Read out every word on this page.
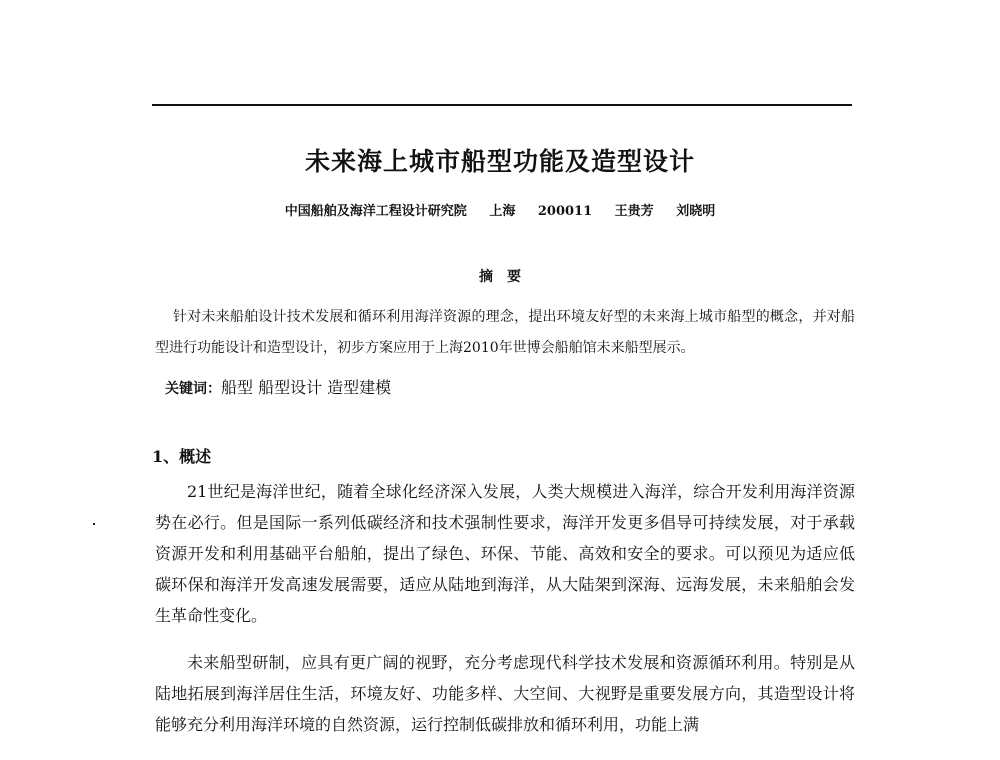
未来海上城市船型功能及造型设计
中国船舶及海洋工程设计研究院 上海 200011 王贵芳 刘晓明
摘要
针对未来船舶设计技术发展和循环利用海洋资源的理念，提出环境友好型的未来海上城市船型的概念，并对船型进行功能设计和造型设计，初步方案应用于上海2010年世博会船舶馆未来船型展示。
关键词：船型 船型设计 造型建模
1、概述
21世纪是海洋世纪，随着全球化经济深入发展，人类大规模进入海洋，综合开发利用海洋资源势在必行。但是国际一系列低碳经济和技术强制性要求，海洋开发更多倡导可持续发展，对于承载资源开发和利用基础平台船舶，提出了绿色、环保、节能、高效和安全的要求。可以预见为适应低碳环保和海洋开发高速发展需要，适应从陆地到海洋，从大陆架到深海、远海发展，未来船舶会发生革命性变化。
未来船型研制，应具有更广阔的视野，充分考虑现代科学技术发展和资源循环利用。特别是从陆地拓展到海洋居住生活，环境友好、功能多样、大空间、大视野是重要发展方向，其造型设计将能够充分利用海洋环境的自然资源，运行控制低碳排放和循环利用，功能上满
